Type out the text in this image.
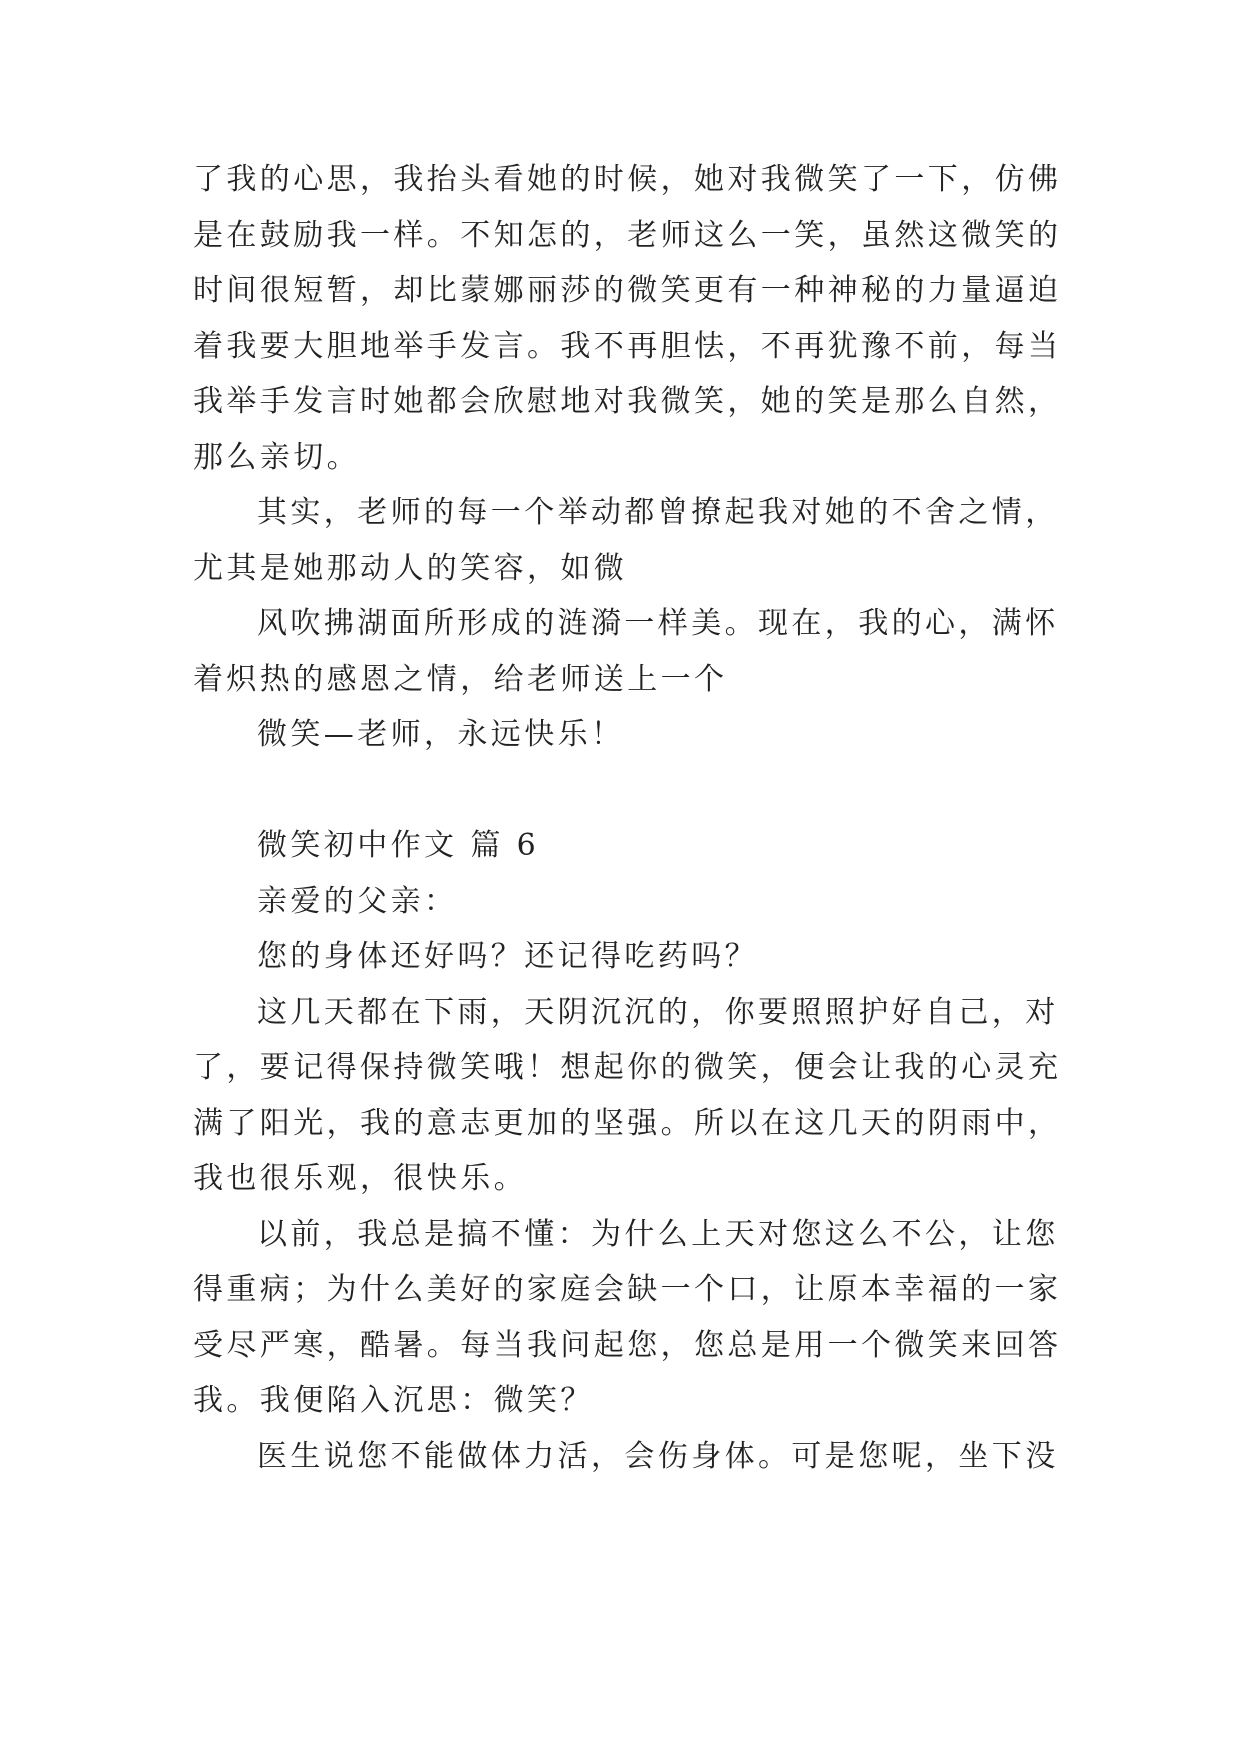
了我的心思，我抬头看她的时候，她对我微笑了一下，仿佛
是在鼓励我一样。不知怎的，老师这么一笑，虽然这微笑的
时间很短暂，却比蒙娜丽莎的微笑更有一种神秘的力量逼迫
着我要大胆地举手发言。我不再胆怯，不再犹豫不前，每当
我举手发言时她都会欣慰地对我微笑，她的笑是那么自然，
那么亲切。
其实，老师的每一个举动都曾撩起我对她的不舍之情，
尤其是她那动人的笑容，如微
风吹拂湖面所形成的涟漪一样美。现在，我的心，满怀
着炽热的感恩之情，给老师送上一个
微笑—老师，永远快乐！
微笑初中作文 篇 6
亲爱的父亲：
您的身体还好吗？还记得吃药吗？
这几天都在下雨，天阴沉沉的，你要照照护好自己，对
了，要记得保持微笑哦！想起你的微笑，便会让我的心灵充
满了阳光，我的意志更加的坚强。所以在这几天的阴雨中，
我也很乐观，很快乐。
以前，我总是搞不懂：为什么上天对您这么不公，让您
得重病；为什么美好的家庭会缺一个口，让原本幸福的一家
受尽严寒，酷暑。每当我问起您，您总是用一个微笑来回答
我。我便陷入沉思：微笑？
医生说您不能做体力活，会伤身体。可是您呢，坐下没
